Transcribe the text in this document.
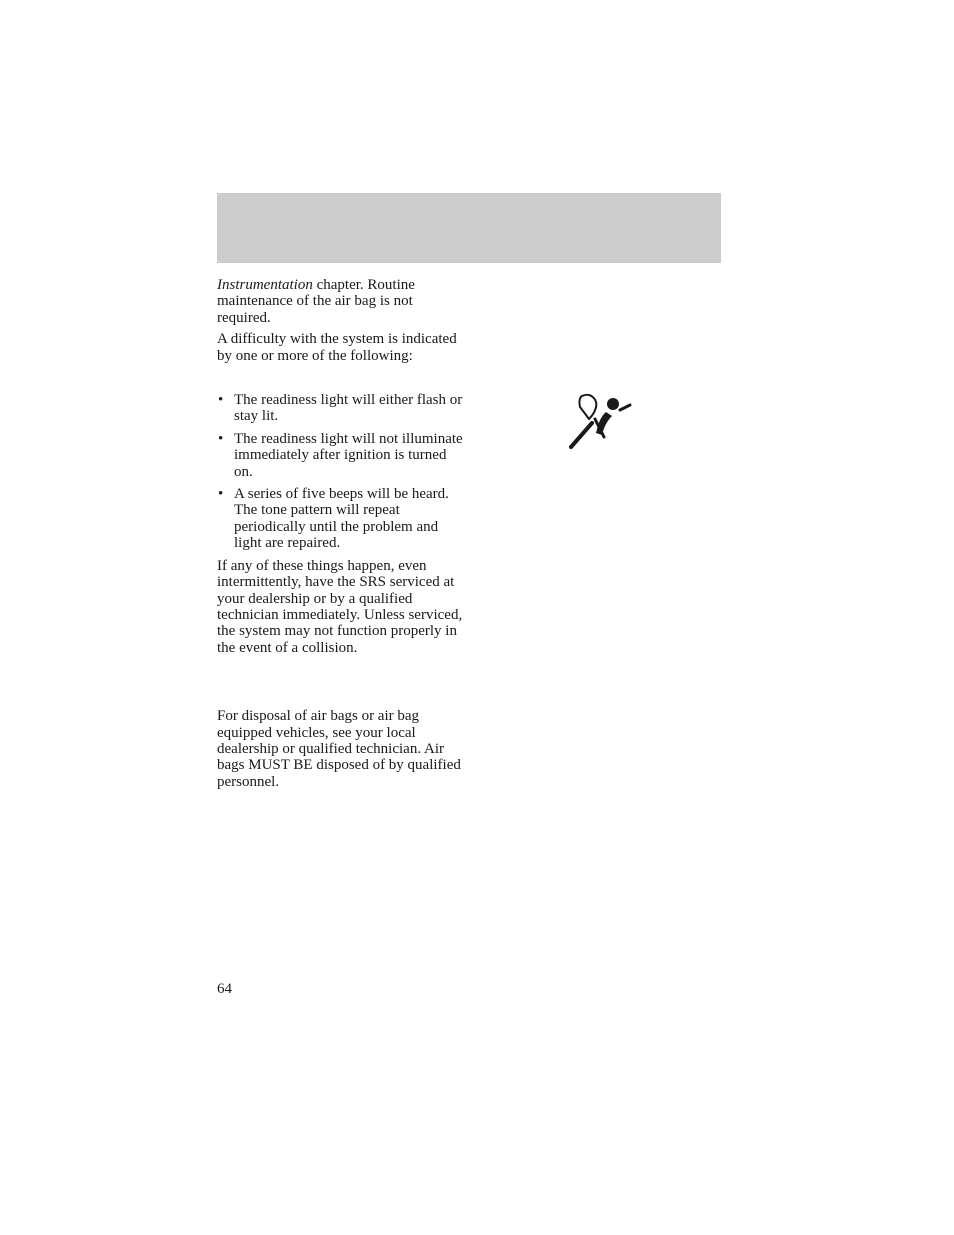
Instrumentation chapter. Routine maintenance of the air bag is not required.

A difficulty with the system is indicated by one or more of the following:

• The readiness light will either flash or stay lit.
• The readiness light will not illuminate immediately after ignition is turned on.
• A series of five beeps will be heard. The tone pattern will repeat periodically until the problem and light are repaired.

If any of these things happen, even intermittently, have the SRS serviced at your dealership or by a qualified technician immediately. Unless serviced, the system may not function properly in the event of a collision.

For disposal of air bags or air bag equipped vehicles, see your local dealership or qualified technician. Air bags MUST BE disposed of by qualified personnel.

64
